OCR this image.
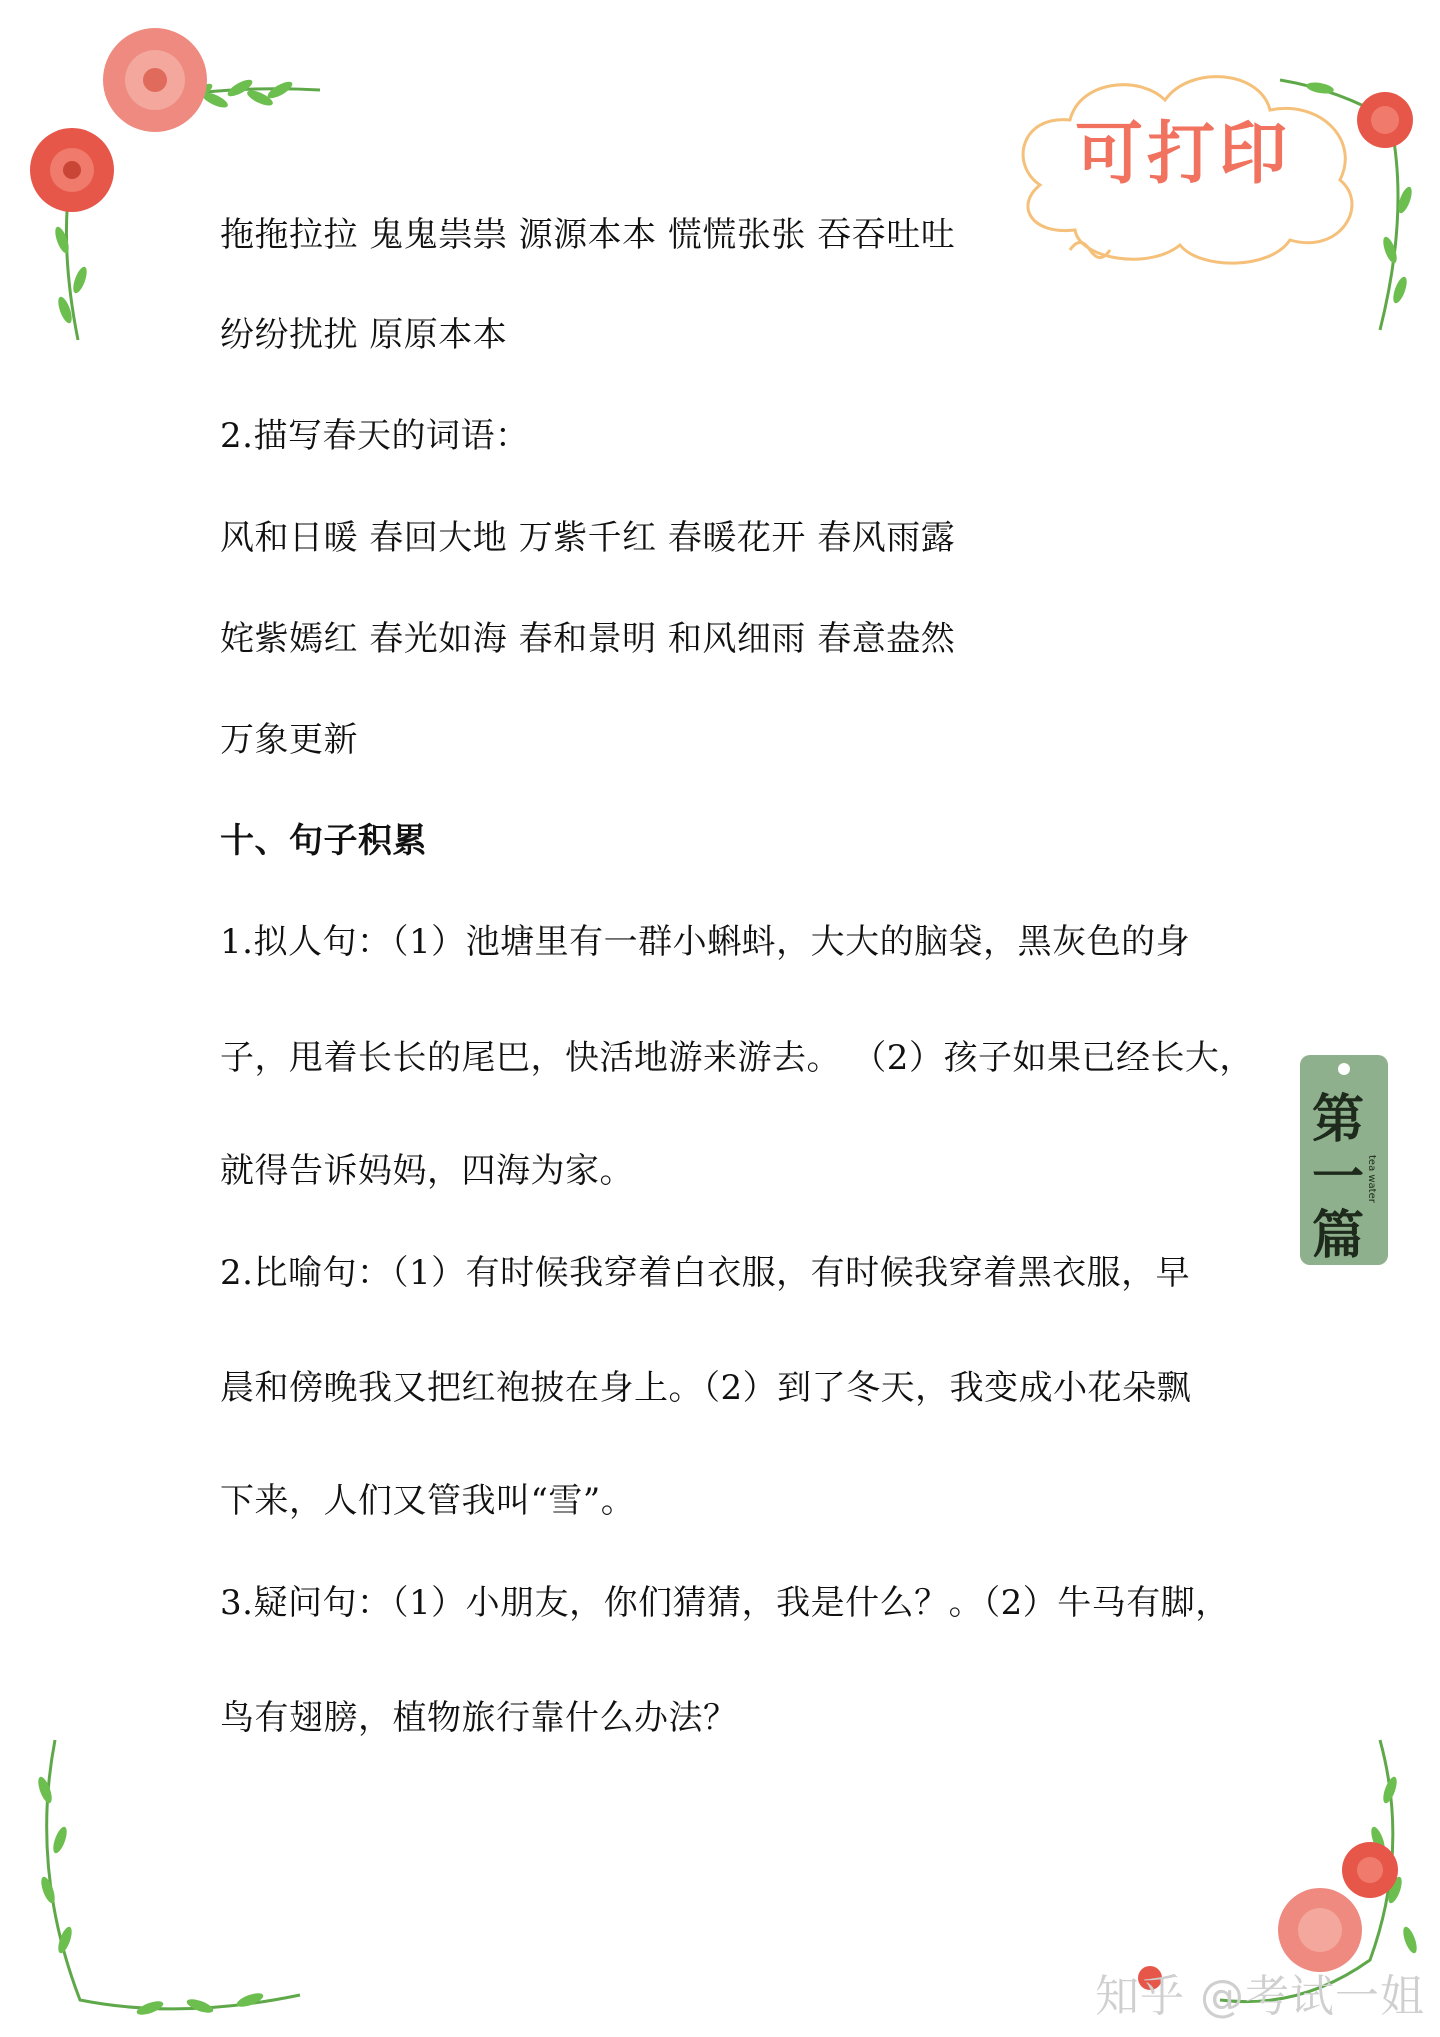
可打印
拖拖拉拉 鬼鬼祟祟 源源本本 慌慌张张 吞吞吐吐
纷纷扰扰 原原本本
2.描写春天的词语：
风和日暖 春回大地 万紫千红 春暖花开 春风雨露
姹紫嫣红 春光如海 春和景明 和风细雨 春意盎然
万象更新
十、句子积累
1.拟人句：（1）池塘里有一群小蝌蚪，大大的脑袋，黑灰色的身
子，甩着长长的尾巴，快活地游来游去。 （2）孩子如果已经长大，
就得告诉妈妈，四海为家。
2.比喻句：（1）有时候我穿着白衣服，有时候我穿着黑衣服，早
晨和傍晚我又把红袍披在身上。（2）到了冬天，我变成小花朵飘
下来，人们又管我叫“雪”。
3.疑问句：（1）小朋友，你们猜猜，我是什么？。（2）牛马有脚，
鸟有翅膀，植物旅行靠什么办法？
第
一
篇
tea water
知乎 @考试一姐
